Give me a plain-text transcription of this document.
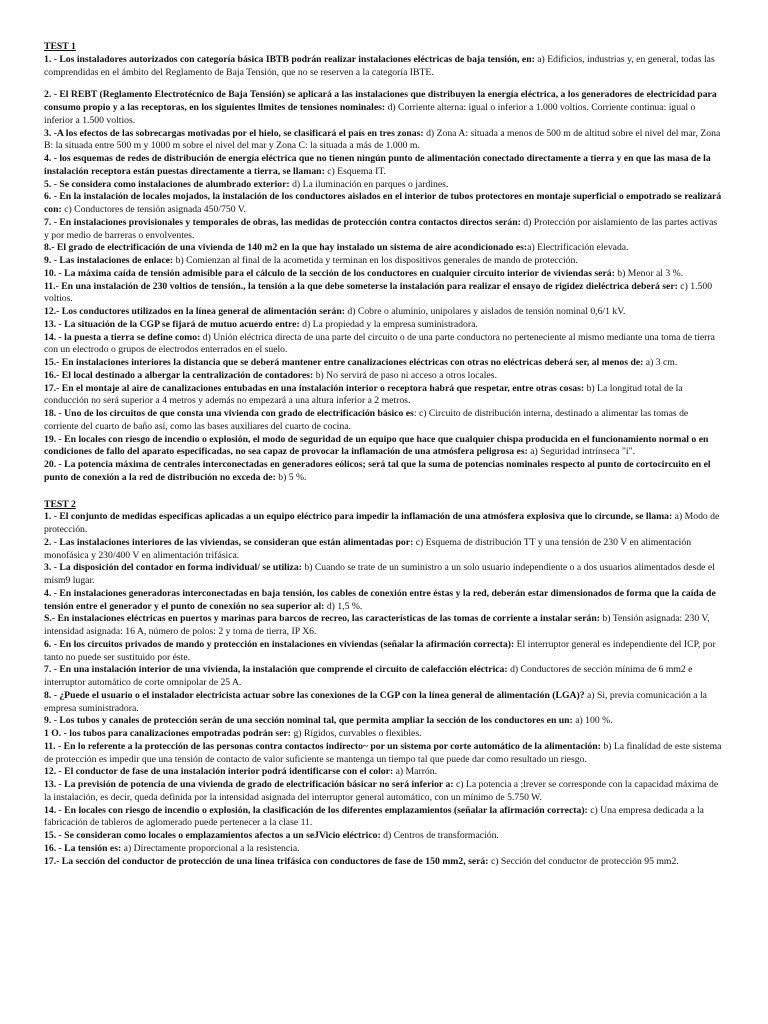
TEST 1

1. - Los instaladores autorizados con categoría básica IBTB podrán realizar instalaciones eléctricas de baja tensión, en: a) Edificios, industrias y, en general, todas las comprendidas en el ámbito del Reglamento de Baja Tensión, que no se reserven a la categoría IBTE.

2. - El REBT (Reglamento Electrotécnico de Baja Tensión) se aplicará a las instalaciones que distribuyen la energía eléctrica, a los generadores de electricidad para consumo propio y a las receptoras, en los siguientes llmites de tensiones nominales: d) Corriente alterna: igual o inferior a 1.000 voltios. Corriente continua: igual o inferior a 1.500 voltios.

3. -A los efectos de las sobrecargas motivadas por el hielo, se clasificará el país en tres zonas: d) Zona A: situada a menos de 500 m de altitud sobre el nivel del mar, Zona B: la situada entre 500 m y 1000 m sobre el nivel del mar y Zona C: la situada a más de 1.000 m.

4. - los esquemas de redes de distribución de energía eléctrica que no tienen ningún punto de alimentación conectado directamente a tierra y en que las masa de la instalación receptora están puestas directamente a tierra, se llaman: c) Esquema IT.

5. - Se considera como instalaciones de alumbrado exterior: d) La iluminación en parques o jardines.

6. - En la instalación de locales mojados, la instalación de los conductores aislados en el interior de tubos protectores en montaje superficial o empotrado se realizará con: c) Conductores de tensión asignada 450/750 V.

7. - En instalaciones provisionales y temporales de obras, las medidas de protección contra contactos directos serán: d) Protección por aislamiento de las partes activas y por medio de barreras o envolventes.

8.- El grado de electrificación de una vivienda de 140 m2 en la que hay instalado un sistema de aire acondicionado es:a) Electrificación elevada.

9. - Las instalaciones de enlace: b) Comienzan al final de la acometida y terminan en los dispositivos generales de mando de protección.

10. - La máxima caída de tensión admisible para el cálculo de la sección de los conductores en cualquier circuito interior de viviendas será: b) Menor al 3 %.

11.- En una instalación de 230 voltios de tensión., la tensión a la que debe someterse la instalación para realizar el ensayo de rigidez dieléctrica deberá ser: c) 1.500 voltios.

12.- Los conductores utilizados en la línea general de alimentación serán: d) Cobre o aluminio, unipolares y aislados de tensión nominal 0,6/1 kV.

13. - La situación de la CGP se fijará de mutuo acuerdo entre: d) La propiedad y la empresa suministradora.

14. - la puesta a tierra se define como: d) Unión eléctrica directa de una parte del circuito o de una parte conductora no perteneciente al mismo mediante una toma de tierra con un electrodo o grupos de electrodos enterrados en el suelo.

15.- En instalaciones interiores la distancia que se deberá mantener entre canalizaciones eléctricas con otras no eléctricas deberá ser, al menos de: a) 3 cm.

16.- El local destinado a albergar la centralización de contadores: b) No servirá de paso ni acceso a otros locales.

17.- En el montaje al aire de canalizaciones entubadas en una instalación interior o receptora habrá que respetar, entre otras cosas: b) La longitud total de la conducción no será superior a 4 metros y además no empezará a una altura inferior a 2 metros.

18. - Uno de los circuitos de que consta una vivienda con grado de electrificación básico es: c) Circuito de distribución interna, destinado a alimentar las tomas de corriente del cuarto de baño así, como las bases auxiliares del cuarto de cocina.

19. - En locales con riesgo de incendio o explosión, el modo de seguridad de un equipo que hace que cualquier chispa producida en el funcionamiento normal o en condiciones de fallo del aparato especificadas, no sea capaz de provocar la inflamación de una atmósfera peligrosa es: a) Seguridad intrínseca "i".

20. - La potencia máxima de centrales interconectadas en generadores eólicos; será tal que la suma de potencias nominales respecto al punto de cortocircuito en el punto de conexión a la red de distribución no exceda de: b) 5 %.

TEST 2

1. - El conjunto de medidas especificas aplicadas a un equipo eléctrico para impedir la inflamación de una atmósfera explosiva que lo circunde, se llama: a) Modo de protección.

2. - Las instalaciones interiores de las viviendas, se consideran que están alimentadas por: c) Esquema de distribución TT y una tensión de 230 V en alimentación monofásica y 230/400 V en alimentación trifásica.

3. - La disposición del contador en forma individual/ se utiliza: b) Cuando se trate de un suministro a un solo usuario independiente o a dos usuarios alimentados desde el mism9 lugar.

4. - En instalaciones generadoras interconectadas en baja tensión, los cables de conexión entre éstas y la red, deberán estar dimensionados de forma que la caída de tensión entre el generador y el punto de conexión no sea superior al: d) 1,5 %.

S.- En instalaciones eléctricas en puertos y marinas para barcos de recreo, las características de las tomas de corriente a instalar serán: b) Tensión asignada: 230 V, intensidad asignada: 16 A, número de polos: 2 y toma de tierra, IP X6.

6. - En los circuitos privados de mando y protección en instalaciones en viviendas (señalar la afirmación correcta): El interruptor general es independiente del ICP, por tanto no puede ser sustituido por éste.

7. - En una instalación interior de una vivienda, la instalación que comprende el circuito de calefacción eléctrica: d) Conductores de sección mínima de 6 mm2 e interruptor automático de corte omnipolar de 25 A.

8. - ¿Puede el usuario o el instalador electricista actuar sobre las conexiones de la CGP con la línea general de alimentación (LGA)? a) Si, previa comunicación a la empresa suministradora.

9. - Los tubos y canales de protección serán de una sección nominal tal, que permita ampliar la sección de los conductores en un: a) 100 %.

1 O. - los tubos para canalizaciones empotradas podrán ser: g) Rígidos, curvables o flexibles.

11. - En lo referente a la protección de las personas contra contactos indirecto~ por un sistema por corte automático de la alimentación: b) La finalidad de este sistema de protección es impedir que una tensión de contacto de valor suficiente se mantenga un tiempo tal que puede dar como resultado un riesgo.

12. - El conductor de fase de una instalación interior podrá identificarse con el color: a) Marrón.

13. - La previsión de potencia de una vivienda de grado de electrificación básicar no será inferior a: c) La potencia a ;lrever se corresponde con la capacidad máxima de la instalación, es decir, queda definida por la intensidad asignada del interruptor general automático, con un mínimo de 5.750 W.

14. - En locales con riesgo de incendio o explosión, la clasificación de los diferentes emplazamientos (señalar la afirmación correcta): c) Una empresa dedicada a la fabricación de tableros de aglomerado puede pertenecer a la clase 11.

15. - Se consideran como locales o emplazamientos afectos a un seJVicio eléctrico: d) Centros de transformación.

16. - La tensión es: a) Directamente proporcional a la resistencia.

17.- La sección del conductor de protección de una línea trifásica con conductores de fase de 150 mm2, será: c) Sección del conductor de protección 95 mm2.
